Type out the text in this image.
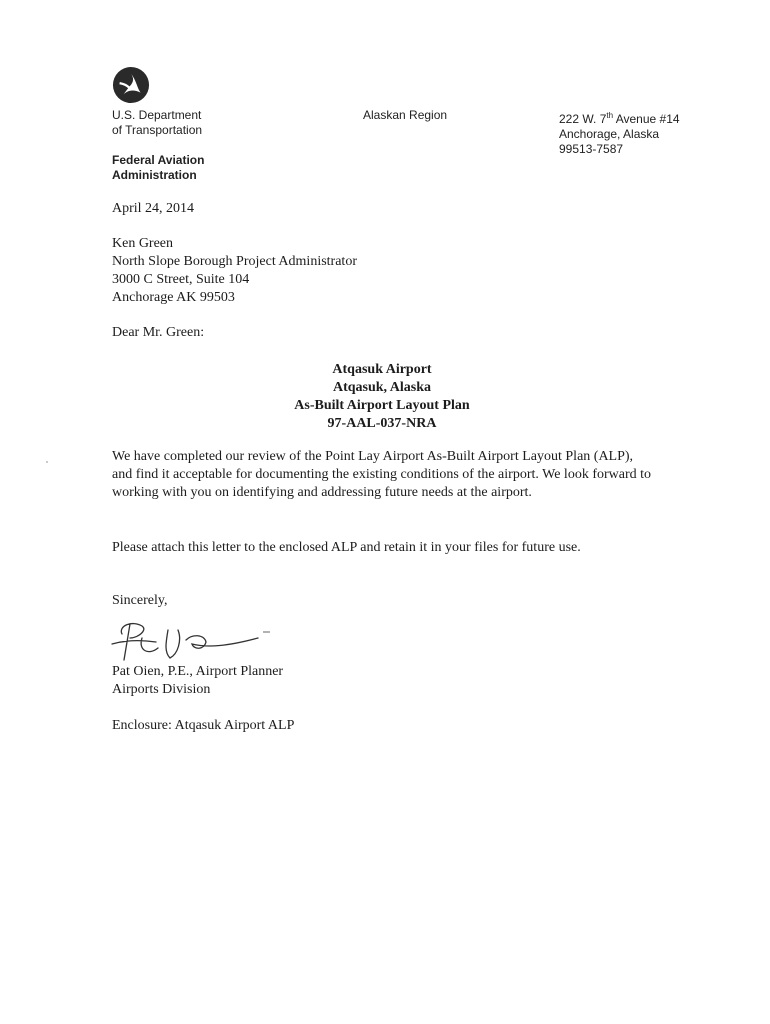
U.S. Department
of Transportation
Alaskan Region	222 W. 7th Avenue #14
Anchorage, Alaska
99513-7587
Federal Aviation
Administration
April 24, 2014
Ken Green
North Slope Borough Project Administrator
3000 C Street, Suite 104
Anchorage AK 99503
Dear Mr. Green:
Atqasuk Airport
Atqasuk, Alaska
As-Built Airport Layout Plan
97-AAL-037-NRA
We have completed our review of the Point Lay Airport As-Built Airport Layout Plan (ALP), and find it acceptable for documenting the existing conditions of the airport. We look forward to working with you on identifying and addressing future needs at the airport.
Please attach this letter to the enclosed ALP and retain it in your files for future use.
Sincerely,
Pat Oien, P.E., Airport Planner
Airports Division
Enclosure: Atqasuk Airport ALP
